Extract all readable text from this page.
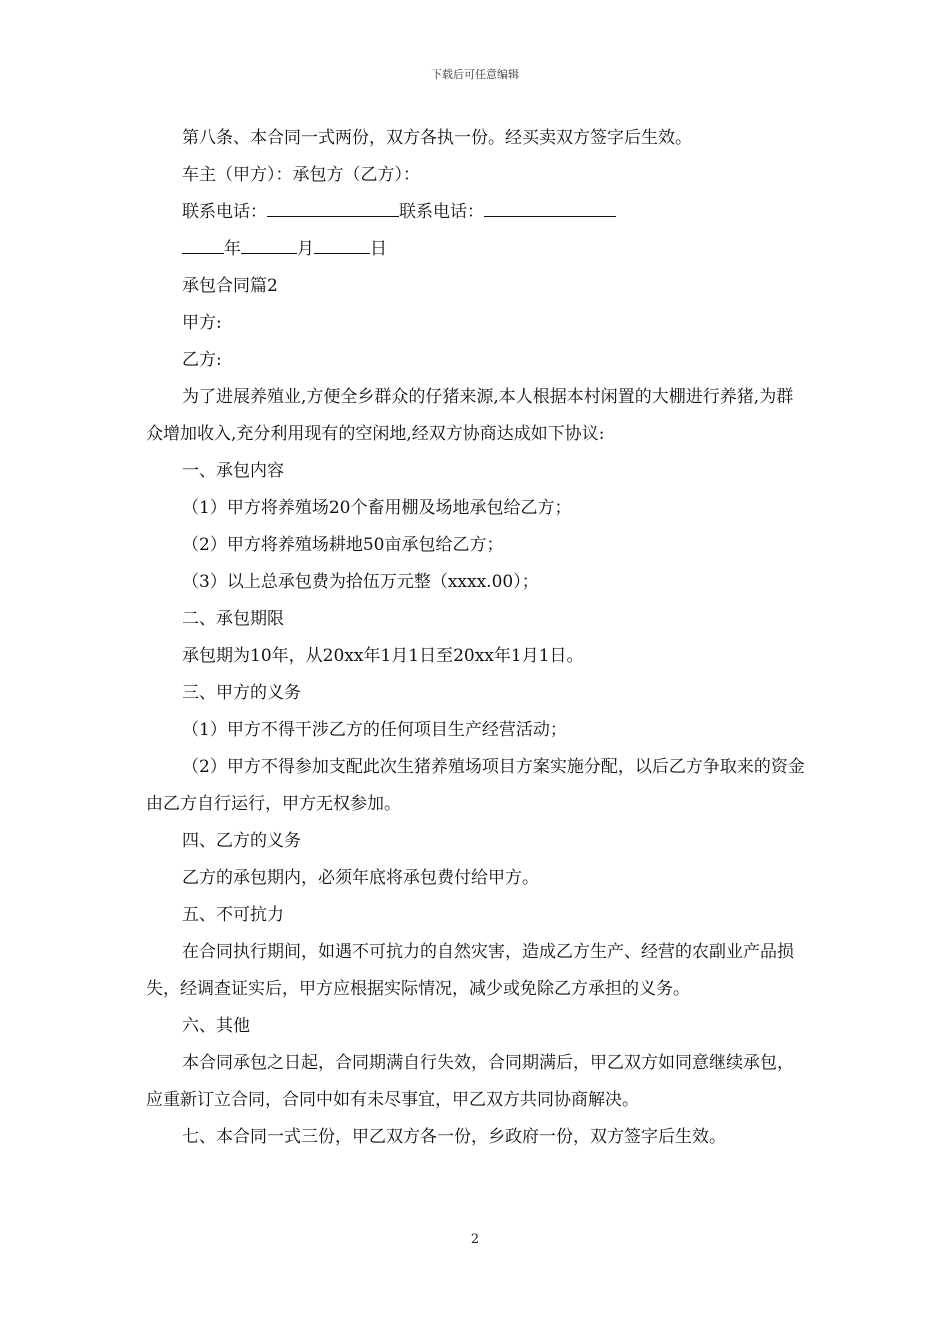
下载后可任意编辑

第八条、本合同一式两份，双方各执一份。经买卖双方签字后生效。

车主（甲方）：承包方（乙方）：

联系电话：	联系电话：

年	月	日

承包合同篇2

甲方:

乙方:

为了进展养殖业,方便全乡群众的仔猪来源,本人根据本村闲置的大棚进行养猪,为群众增加收入,充分利用现有的空闲地,经双方协商达成如下协议:

一、承包内容

（1）甲方将养殖场20个畜用棚及场地承包给乙方；

（2）甲方将养殖场耕地50亩承包给乙方；

（3）以上总承包费为拾伍万元整（xxxx.00）；

二、承包期限

承包期为10年，从20xx年1月1日至20xx年1月1日。

三、甲方的义务

（1）甲方不得干涉乙方的任何项目生产经营活动；

（2）甲方不得参加支配此次生猪养殖场项目方案实施分配，以后乙方争取来的资金由乙方自行运行，甲方无权参加。

四、乙方的义务

乙方的承包期内，必须年底将承包费付给甲方。

五、不可抗力

在合同执行期间，如遇不可抗力的自然灾害，造成乙方生产、经营的农副业产品损失，经调查证实后，甲方应根据实际情况，减少或免除乙方承担的义务。

六、其他

本合同承包之日起，合同期满自行失效，合同期满后，甲乙双方如同意继续承包，应重新订立合同，合同中如有未尽事宜，甲乙双方共同协商解决。

七、本合同一式三份，甲乙双方各一份，乡政府一份，双方签字后生效。

2
